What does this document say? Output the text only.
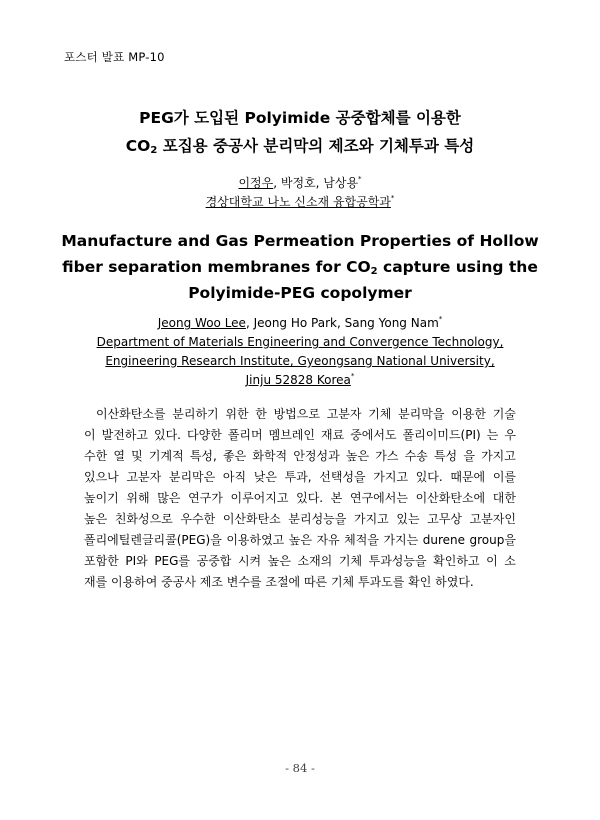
포스터 발표 MP-10
PEG가 도입된 Polyimide 공중합체를 이용한
$CO_2$ 포집용 중공사 분리막의 제조와 기체투과 특성
이정우, 박정호, 남상용*
경상대학교 나노 신소재 융합공학과*
Manufacture and Gas Permeation Properties of Hollow
fiber separation membranes for $CO_2$ capture using the
Polyimide-PEG copolymer
Jeong Woo Lee, Jeong Ho Park, Sang Yong Nam*
Department of Materials Engineering and Convergence Technology,
Engineering Research Institute, Gyeongsang National University,
Jinju 52828 Korea*
이산화탄소를 분리하기 위한 한 방법으로 고분자 기체 분리막을 이용한 기술
이 발전하고 있다. 다양한 폴리머 멤브레인 재료 중에서도 폴리이미드(PI) 는 우
수한 열 및 기계적 특성, 좋은 화학적 안정성과 높은 가스 수송 특성 을 가지고
있으나 고분자 분리막은 아직 낮은 투과, 선택성을 가지고 있다. 때문에 이를
높이기 위해 많은 연구가 이루어지고 있다. 본 연구에서는 이산화탄소에 대한
높은 친화성으로 우수한 이산화탄소 분리성능을 가지고 있는 고무상 고분자인
폴리에틸렌글리콜(PEG)을 이용하였고 높은 자유 체적을 가지는 durene group을
포함한 PI와 PEG를 공중합 시켜 높은 소재의 기체 투과성능을 확인하고 이 소
재를 이용하여 중공사 제조 변수를 조절에 따른 기체 투과도를 확인 하였다.
- 84 -
